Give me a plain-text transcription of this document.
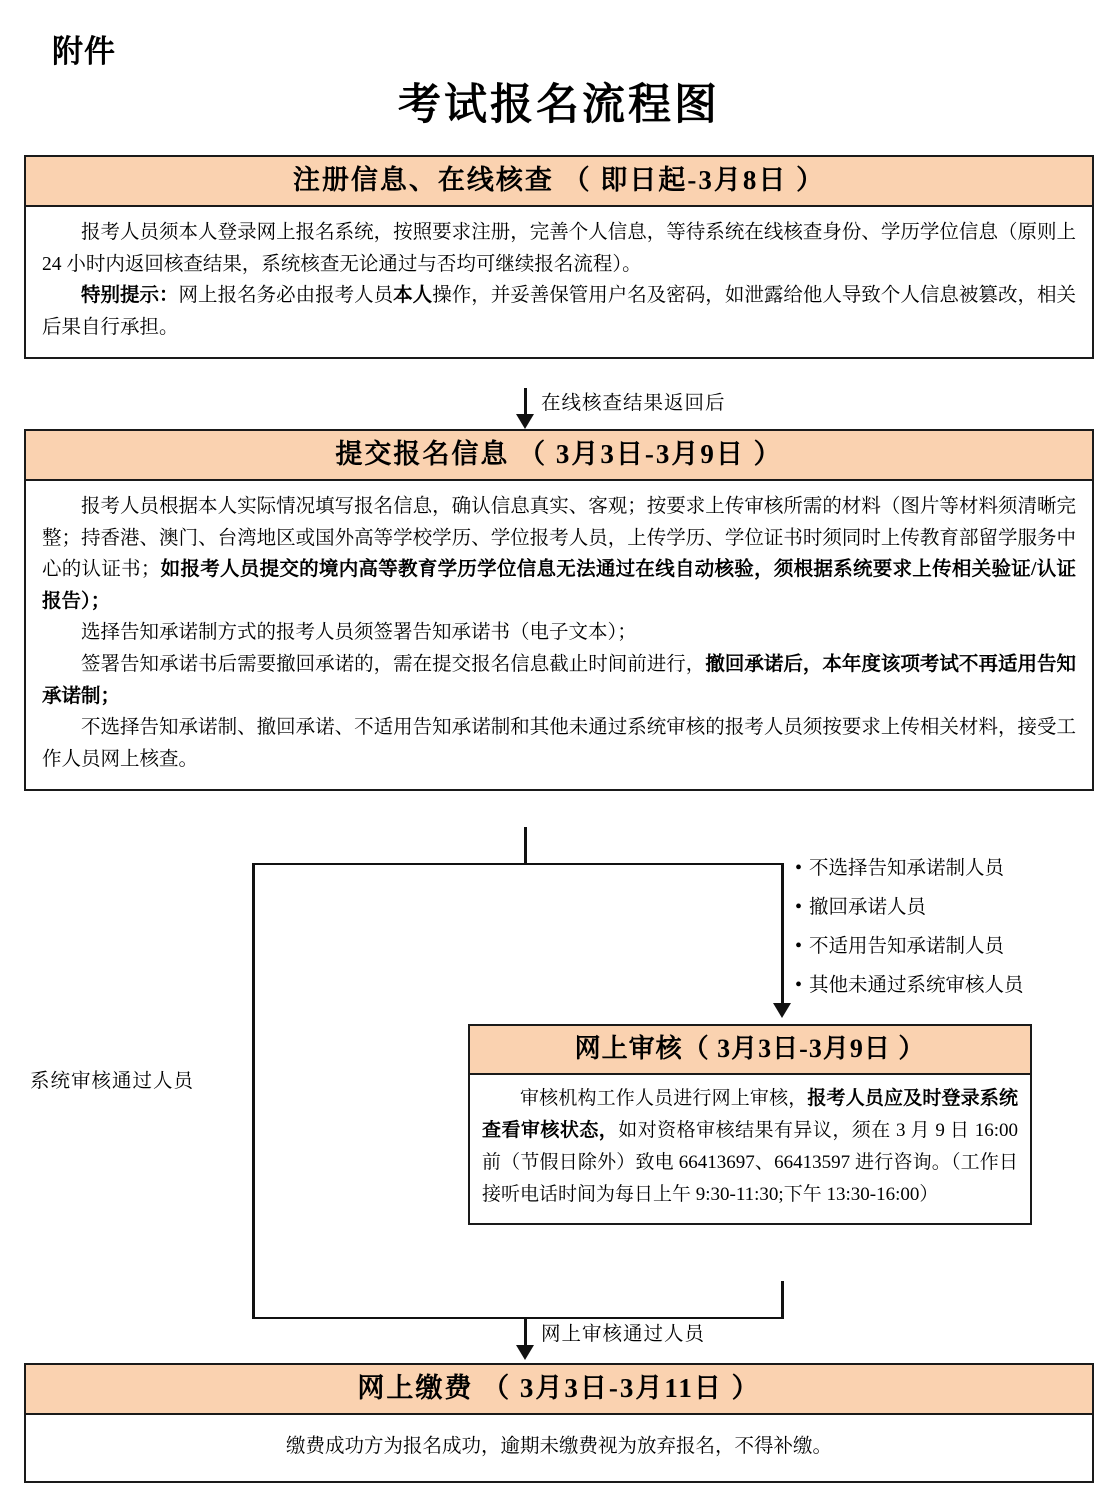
附件
考试报名流程图
注册信息、在线核查 （ 即日起-3月8日 ）

报考人员须本人登录网上报名系统，按照要求注册，完善个人信息，等待系统在线核查身份、学历学位信息（原则上 24 小时内返回核查结果，系统核查无论通过与否均可继续报名流程）。

特别提示：网上报名务必由报考人员本人操作，并妥善保管用户名及密码，如泄露给他人导致个人信息被篡改，相关后果自行承担。

在线核查结果返回后
提交报名信息 （ 3月3日-3月9日 ）

报考人员根据本人实际情况填写报名信息，确认信息真实、客观；按要求上传审核所需的材料（图片等材料须清晰完整；持香港、澳门、台湾地区或国外高等学校学历、学位报考人员，上传学历、学位证书时须同时上传教育部留学服务中心的认证书；如报考人员提交的境内高等教育学历学位信息无法通过在线自动核验，须根据系统要求上传相关验证/认证报告）；

选择告知承诺制方式的报考人员须签署告知承诺书（电子文本）；

签署告知承诺书后需要撤回承诺的，需在提交报名信息截止时间前进行，撤回承诺后，本年度该项考试不再适用告知承诺制；

不选择告知承诺制、撤回承诺、不适用告知承诺制和其他未通过系统审核的报考人员须按要求上传相关材料，接受工作人员网上核查。

• 不选择告知承诺制人员
• 撤回承诺人员
• 不适用告知承诺制人员
• 其他未通过系统审核人员
系统审核通过人员
网上审核（ 3月3日-3月9日 ）

审核机构工作人员进行网上审核，报考人员应及时登录系统查看审核状态，如对资格审核结果有异议，须在 3 月 9 日 16:00 前（节假日除外）致电 66413697、66413597 进行咨询。（工作日接听电话时间为每日上午 9:30-11:30;下午 13:30-16:00）

网上审核通过人员
网上缴费 （ 3月3日-3月11日 ）

缴费成功方为报名成功，逾期未缴费视为放弃报名，不得补缴。
